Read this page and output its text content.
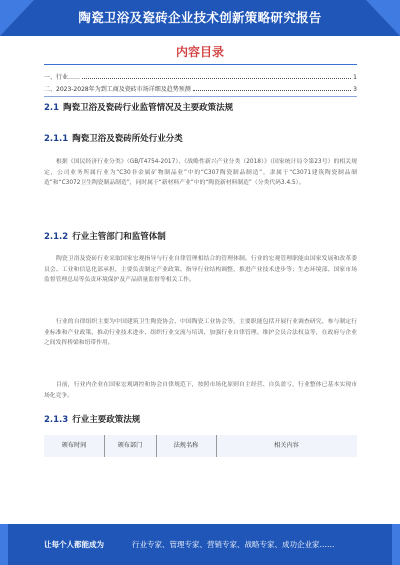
陶瓷卫浴及瓷砖企业技术创新策略研究报告
内容目录
一、行业……	1
二、2023-2028年为到工商及瓷砖市场详细及趋势预测	3
2.1 陶瓷卫浴及瓷砖行业监管情况及主要政策法规
2.1.1 陶瓷卫浴及瓷砖所处行业分类
根据《国民经济行业分类》（GB/T4754-2017）、《战略性新兴产业分类（2018）》（国家统计局令第23号）的相关规定，公司业务所属行业为“C30非金属矿物制品业”中的“C307陶瓷制品制造”，隶属于“C3071建筑陶瓷制品制造”和“C3072卫生陶瓷制品制造”，同时属于“新材料产业”中的“陶瓷新材料制造”（分类代码3.4.5）。
2.1.2 行业主管部门和监管体制
陶瓷卫浴及瓷砖行业采取国家宏观指导与行业自律管理相结合的管理体制。行业的宏观管理职能由国家发展和改革委员会、工业和信息化部承担，主要负责制定产业政策、指导行业结构调整、推进产业技术进步等；生态环境部、国家市场监督管理总局等负责环境保护及产品质量监督等相关工作。
行业的自律组织主要为中国建筑卫生陶瓷协会、中国陶瓷工业协会等，主要职能包括开展行业调查研究、参与制定行业标准和产业政策、推动行业技术进步、组织行业交流与培训、加强行业自律管理、维护会员合法权益等，在政府与企业之间发挥桥梁和纽带作用。
目前，行业内企业在国家宏观调控和协会自律规范下，按照市场化原则自主经营、自负盈亏，行业整体已基本实现市场化竞争。
2.1.3 行业主要政策法规
颁布时间	颁布部门	法规名称	相关内容
让每个人都能成为	行业专家、管理专家、营销专家、战略专家、成功企业家……
